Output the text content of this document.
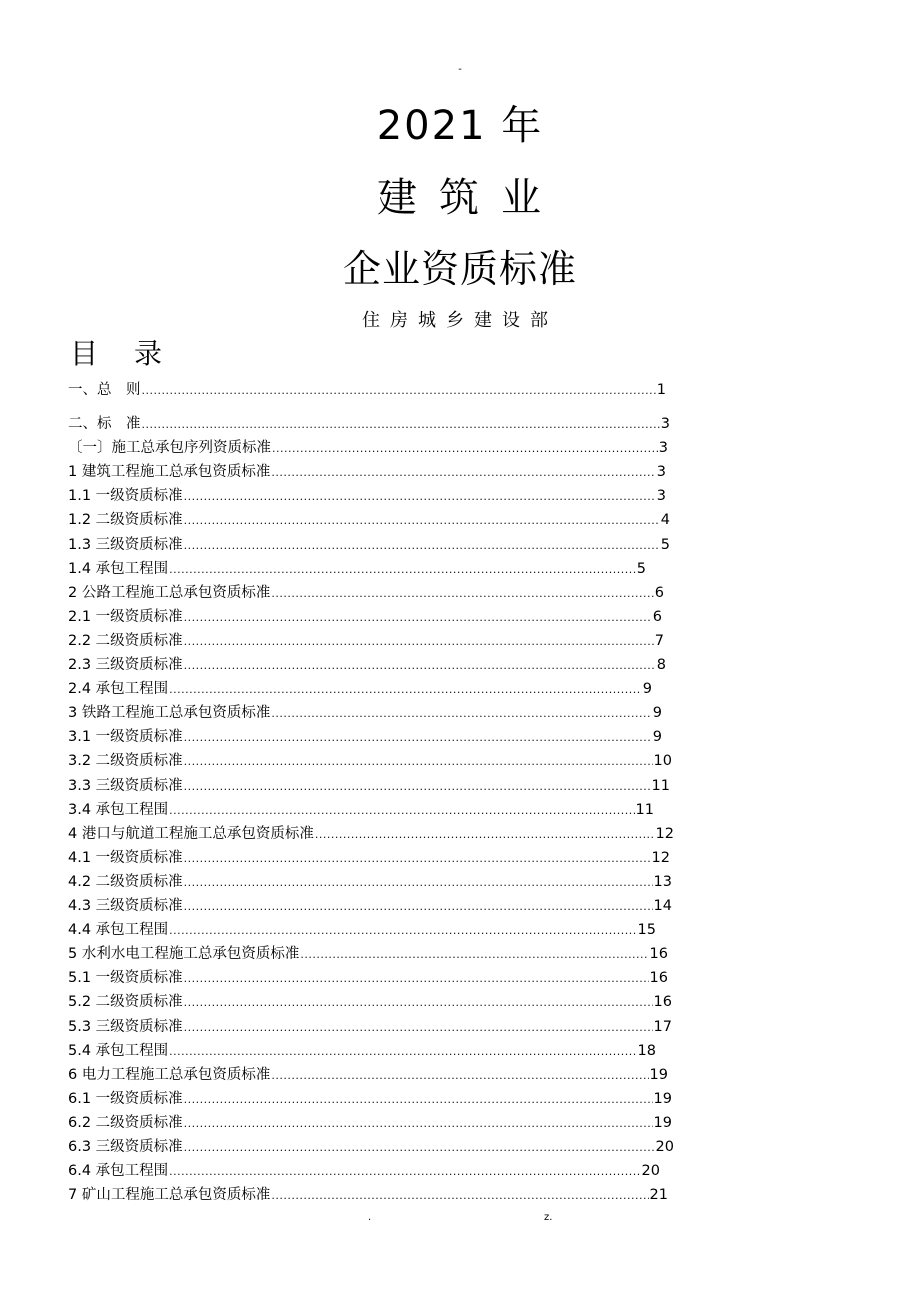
-
2021 年
建筑业
企业资质标准
住房城乡建设部
目录
一、总　则 .....	1
二、标　准 .....	3
〔一〕施工总承包序列资质标准 .....	3
1 建筑工程施工总承包资质标准 .....	3
1.1 一级资质标准 .....	3
1.2 二级资质标准 .....	4
1.3 三级资质标准 .....	5
1.4 承包工程围 .....	5
2 公路工程施工总承包资质标准 .....	6
2.1 一级资质标准 .....	6
2.2 二级资质标准 .....	7
2.3 三级资质标准 .....	8
2.4 承包工程围 .....	9
3 铁路工程施工总承包资质标准 .....	9
3.1 一级资质标准 .....	9
3.2 二级资质标准 .....	10
3.3 三级资质标准 .....	11
3.4 承包工程围 .....	11
4 港口与航道工程施工总承包资质标准 .....	12
4.1 一级资质标准 .....	12
4.2 二级资质标准 .....	13
4.3 三级资质标准 .....	14
4.4 承包工程围 .....	15
5 水利水电工程施工总承包资质标准 .....	16
5.1 一级资质标准 .....	16
5.2 二级资质标准 .....	16
5.3 三级资质标准 .....	17
5.4 承包工程围 .....	18
6 电力工程施工总承包资质标准 .....	19
6.1 一级资质标准 .....	19
6.2 二级资质标准 .....	19
6.3 三级资质标准 .....	20
6.4 承包工程围 .....	20
7 矿山工程施工总承包资质标准 .....	21
.	z.
